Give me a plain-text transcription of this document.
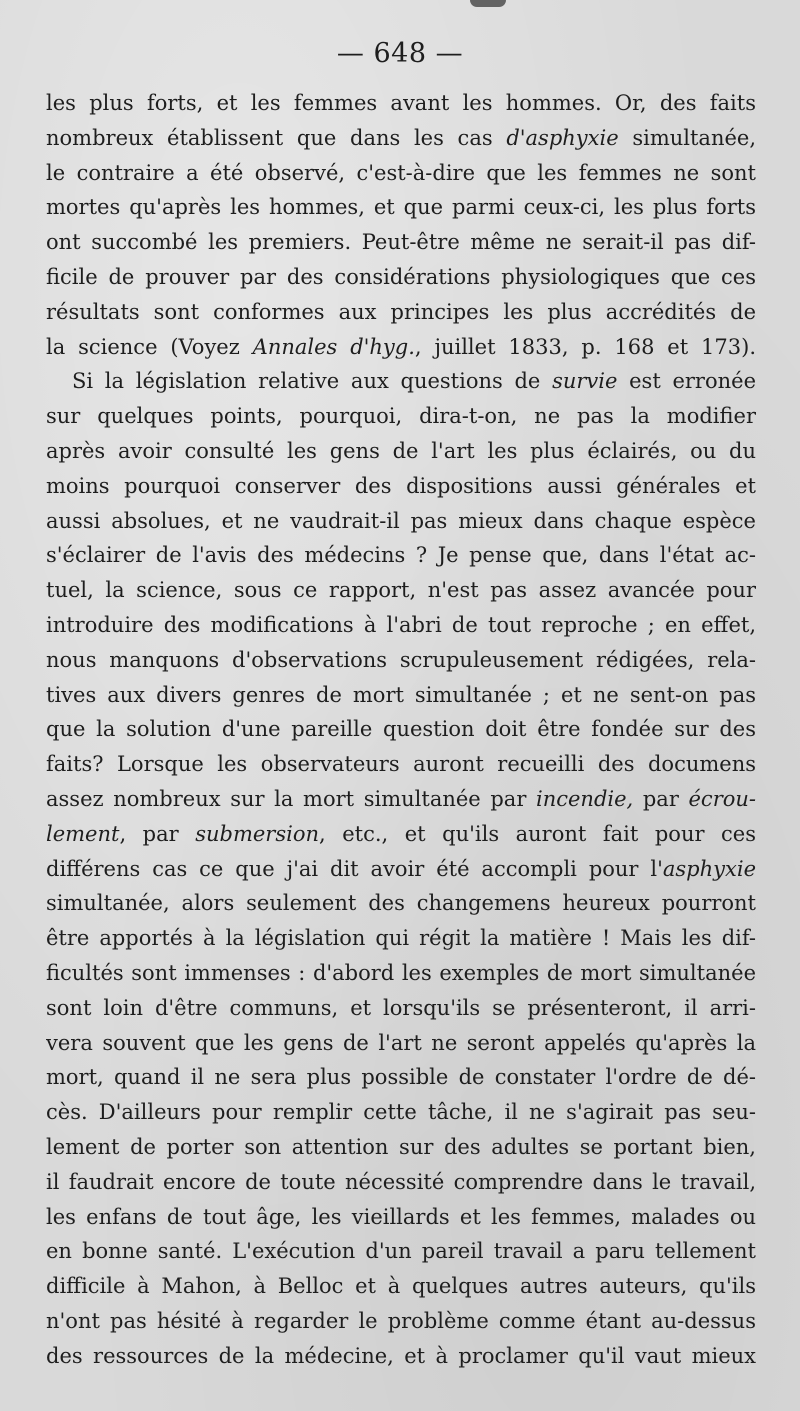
— 648 —
les plus forts, et les femmes avant les hommes. Or, des faits
nombreux établissent que dans les cas d'asphyxie simultanée,
le contraire a été observé, c'est-à-dire que les femmes ne sont
mortes qu'après les hommes, et que parmi ceux-ci, les plus forts
ont succombé les premiers. Peut-être même ne serait-il pas dif-
ficile de prouver par des considérations physiologiques que ces
résultats sont conformes aux principes les plus accrédités de
la science (Voyez Annales d'hyg., juillet 1833, p. 168 et 173).
Si la législation relative aux questions de survie est erronée
sur quelques points, pourquoi, dira-t-on, ne pas la modifier
après avoir consulté les gens de l'art les plus éclairés, ou du
moins pourquoi conserver des dispositions aussi générales et
aussi absolues, et ne vaudrait-il pas mieux dans chaque espèce
s'éclairer de l'avis des médecins ? Je pense que, dans l'état ac-
tuel, la science, sous ce rapport, n'est pas assez avancée pour
introduire des modifications à l'abri de tout reproche ; en effet,
nous manquons d'observations scrupuleusement rédigées, rela-
tives aux divers genres de mort simultanée ; et ne sent-on pas
que la solution d'une pareille question doit être fondée sur des
faits? Lorsque les observateurs auront recueilli des documens
assez nombreux sur la mort simultanée par incendie, par écrou-
lement, par submersion, etc., et qu'ils auront fait pour ces
différens cas ce que j'ai dit avoir été accompli pour l'asphyxie
simultanée, alors seulement des changemens heureux pourront
être apportés à la législation qui régit la matière ! Mais les dif-
ficultés sont immenses : d'abord les exemples de mort simultanée
sont loin d'être communs, et lorsqu'ils se présenteront, il arri-
vera souvent que les gens de l'art ne seront appelés qu'après la
mort, quand il ne sera plus possible de constater l'ordre de dé-
cès. D'ailleurs pour remplir cette tâche, il ne s'agirait pas seu-
lement de porter son attention sur des adultes se portant bien,
il faudrait encore de toute nécessité comprendre dans le travail,
les enfans de tout âge, les vieillards et les femmes, malades ou
en bonne santé. L'exécution d'un pareil travail a paru tellement
difficile à Mahon, à Belloc et à quelques autres auteurs, qu'ils
n'ont pas hésité à regarder le problème comme étant au-dessus
des ressources de la médecine, et à proclamer qu'il vaut mieux
